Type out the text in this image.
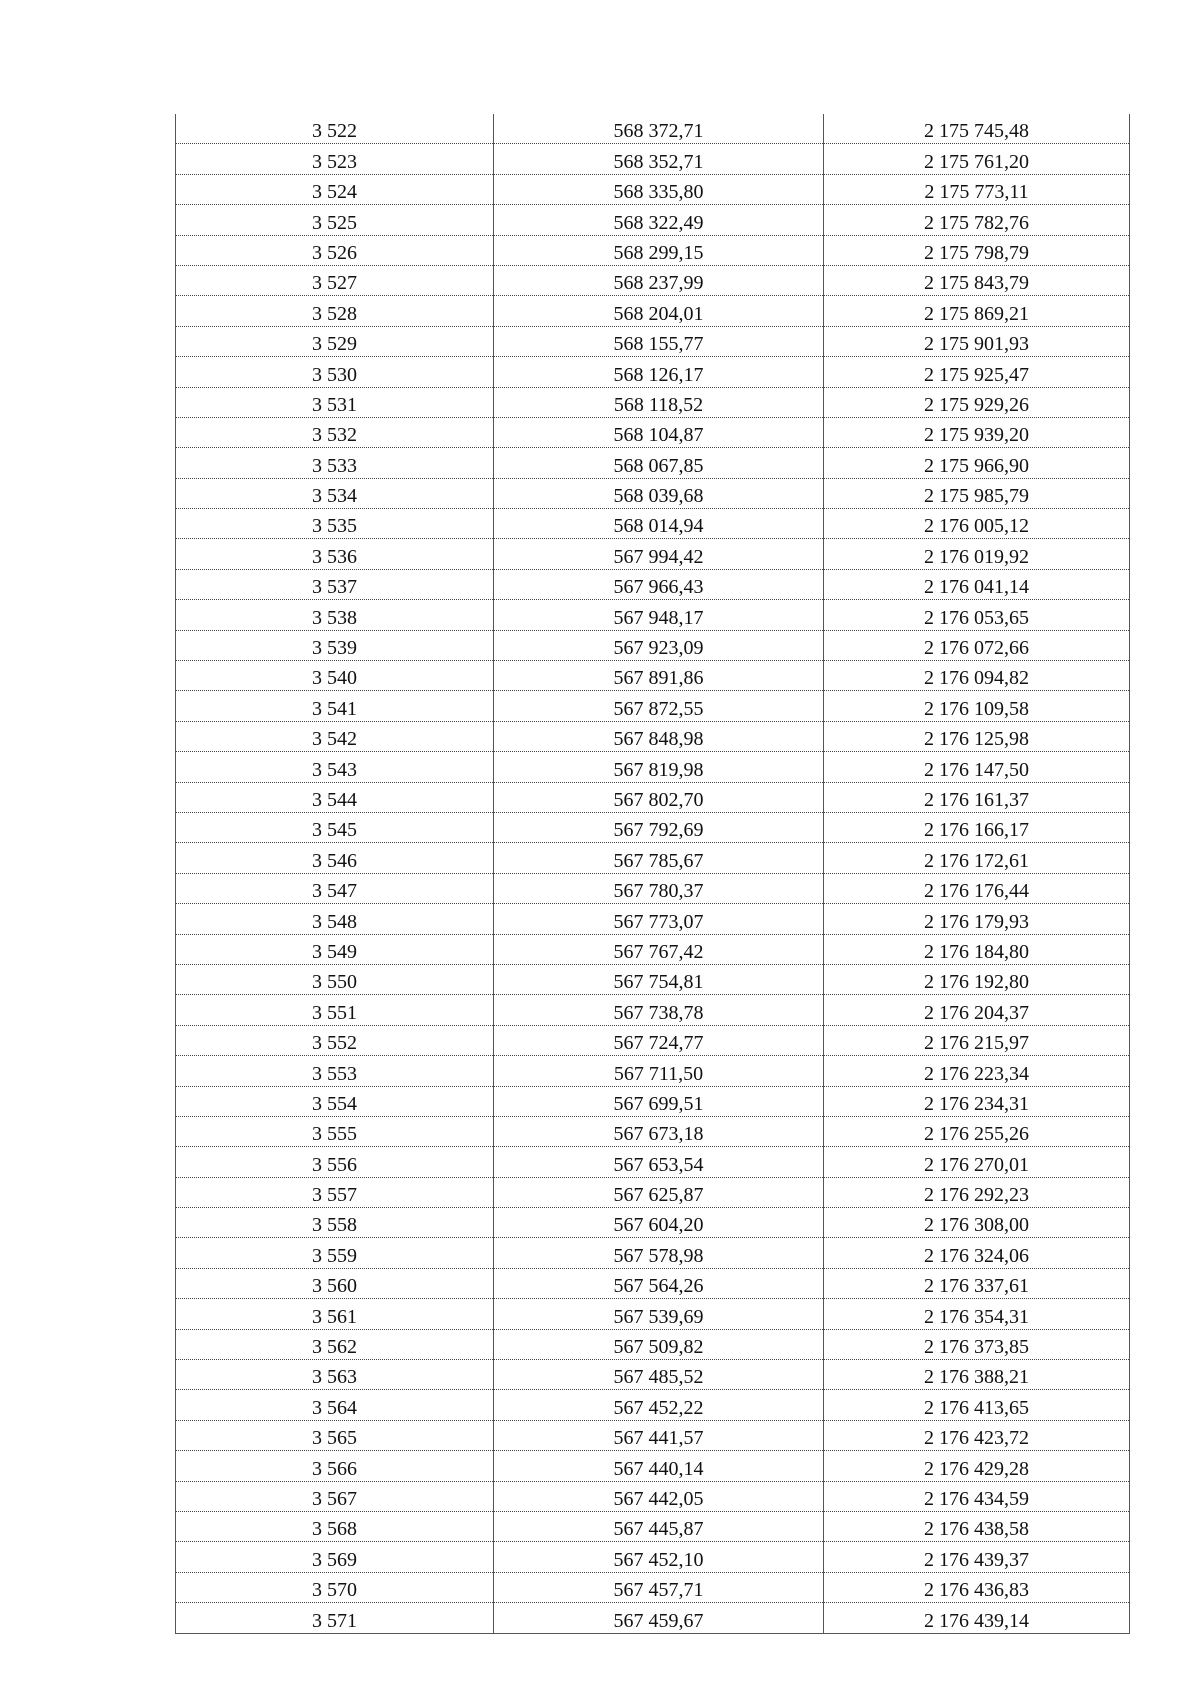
3 522	568 372,71	2 175 745,48
3 523	568 352,71	2 175 761,20
3 524	568 335,80	2 175 773,11
3 525	568 322,49	2 175 782,76
3 526	568 299,15	2 175 798,79
3 527	568 237,99	2 175 843,79
3 528	568 204,01	2 175 869,21
3 529	568 155,77	2 175 901,93
3 530	568 126,17	2 175 925,47
3 531	568 118,52	2 175 929,26
3 532	568 104,87	2 175 939,20
3 533	568 067,85	2 175 966,90
3 534	568 039,68	2 175 985,79
3 535	568 014,94	2 176 005,12
3 536	567 994,42	2 176 019,92
3 537	567 966,43	2 176 041,14
3 538	567 948,17	2 176 053,65
3 539	567 923,09	2 176 072,66
3 540	567 891,86	2 176 094,82
3 541	567 872,55	2 176 109,58
3 542	567 848,98	2 176 125,98
3 543	567 819,98	2 176 147,50
3 544	567 802,70	2 176 161,37
3 545	567 792,69	2 176 166,17
3 546	567 785,67	2 176 172,61
3 547	567 780,37	2 176 176,44
3 548	567 773,07	2 176 179,93
3 549	567 767,42	2 176 184,80
3 550	567 754,81	2 176 192,80
3 551	567 738,78	2 176 204,37
3 552	567 724,77	2 176 215,97
3 553	567 711,50	2 176 223,34
3 554	567 699,51	2 176 234,31
3 555	567 673,18	2 176 255,26
3 556	567 653,54	2 176 270,01
3 557	567 625,87	2 176 292,23
3 558	567 604,20	2 176 308,00
3 559	567 578,98	2 176 324,06
3 560	567 564,26	2 176 337,61
3 561	567 539,69	2 176 354,31
3 562	567 509,82	2 176 373,85
3 563	567 485,52	2 176 388,21
3 564	567 452,22	2 176 413,65
3 565	567 441,57	2 176 423,72
3 566	567 440,14	2 176 429,28
3 567	567 442,05	2 176 434,59
3 568	567 445,87	2 176 438,58
3 569	567 452,10	2 176 439,37
3 570	567 457,71	2 176 436,83
3 571	567 459,67	2 176 439,14
